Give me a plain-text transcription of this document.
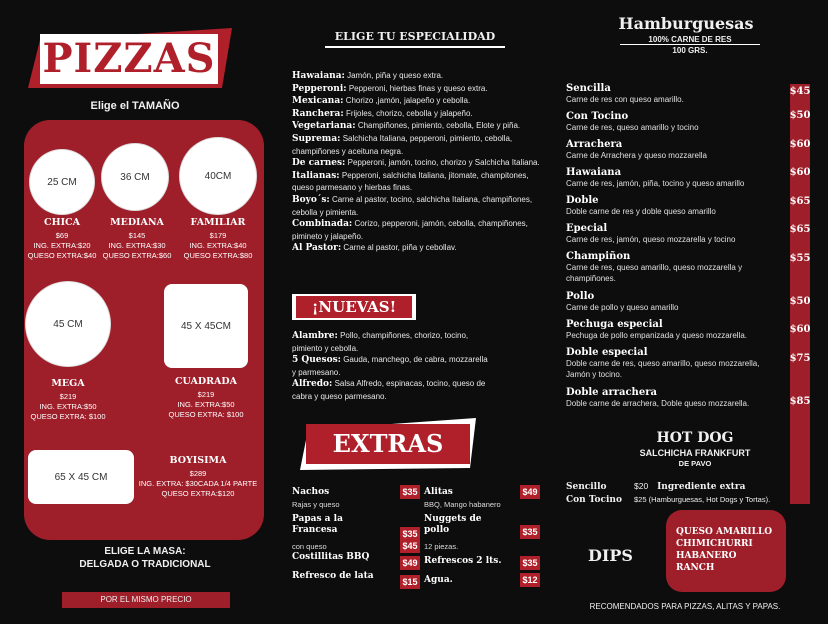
PIZZAS
Elige el TAMAÑO
25 CM
CHICA
$69
ING. EXTRA:$20
QUESO EXTRA:$40
36 CM
MEDIANA
$145
ING. EXTRA:$30
QUESO EXTRA:$60
40CM
FAMILIAR
$179
ING. EXTRA:$40
QUESO EXTRA:$80
45 CM
MEGA
$219
ING. EXTRA:$50
QUESO EXTRA: $100
45 X 45CM
CUADRADA
$219
ING. EXTRA:$50
QUESO EXTRA: $100
65 X 45 CM
BOYISIMA
$289
ING. EXTRA: $30CADA 1/4 PARTE
QUESO EXTRA:$120
ELIGE LA MASA:
DELGADA O TRADICIONAL
POR EL MISMO PRECIO
ELIGE TU ESPECIALIDAD
Hawaiana: Jamón, piña y queso extra.
Pepperoni: Pepperoni, hierbas finas y queso extra.
Mexicana: Chorizo ,jamón, jalapeño y cebolla.
Ranchera: Frijoles, chorizo, cebolla y jalapeño.
Vegetariana: Champiñones, pimiento, cebolla, Elote y piña.
Suprema: Salchicha Italiana, pepperoni, pimiento, cebolla, champiñones y aceituna negra.
De carnes: Pepperoni, jamón, tocino, chorizo y Salchicha Italiana.
Italianas: Pepperoni, salchicha Italiana, jitomate, champitones, queso parmesano y hierbas finas.
Boyo´s: Carne al pastor, tocino, salchicha Italiana, champiñones, cebolla y pimienta.
Combinada: Corizo, pepperoni, jamón, cebolla, champiñones, pimineto y jalapeño.
Al Pastor: Carne al pastor, piña y cebollav.
¡NUEVAS!
Alambre: Pollo, champiñones, chorizo, tocino, pimiento y cebolla.
5 Quesos: Gauda, manchego, de cabra, mozzarella y parmesano.
Alfredo: Salsa Alfredo, espinacas, tocino, queso de cabra y queso parmesano.
EXTRAS
Nachos
Rajas y queso
$35
Papas a la Francesa
con queso
$35
$45
Costillitas BBQ
$49
Refresco de lata
$15
Alitas
BBQ, Mango habanero
$49
Nuggets de pollo
12 piezas.
$35
Refrescos 2 lts. $35
Agua.	$12
Hamburguesas
100% CARNE DE RES
100 GRS.
Sencilla
Carne de res con queso amarillo.
Con Tocino
Carne de res, queso amarillo y tocino
Arrachera
Carne de Arrachera y queso mozzarella
Hawaiana
Carne de res, jamón, piña, tocino y queso amarillo
Doble
Doble carne de res y doble queso amarillo
Epecial
Carne de res, jamón, queso mozzarella y tocino
Champiñon
Carne de res, queso amarillo, queso mozzarella y champiñones.
Pollo
Carne de pollo y queso amarillo
Pechuga especial
Pechuga de pollo empanizada y queso mozzarella.
Doble especial
Doble carne de res, queso amarillo, queso mozzarella, Jamón y tocino.
Doble arrachera
Doble carne de arrachera, Doble queso mozzarella.
$45
$50
$60
$60
$65
$65
$55
$50
$60
$75
$85
HOT DOG
SALCHICHA FRANKFURT
DE PAVO
Sencillo	$20 Ingrediente extra
Con Tocino $25 (Hamburguesas, Hot Dogs y Tortas).
DIPS
QUESO AMARILLO
CHIMICHURRI
HABANERO
RANCH
RECOMENDADOS PARA PIZZAS, ALITAS Y PAPAS.
